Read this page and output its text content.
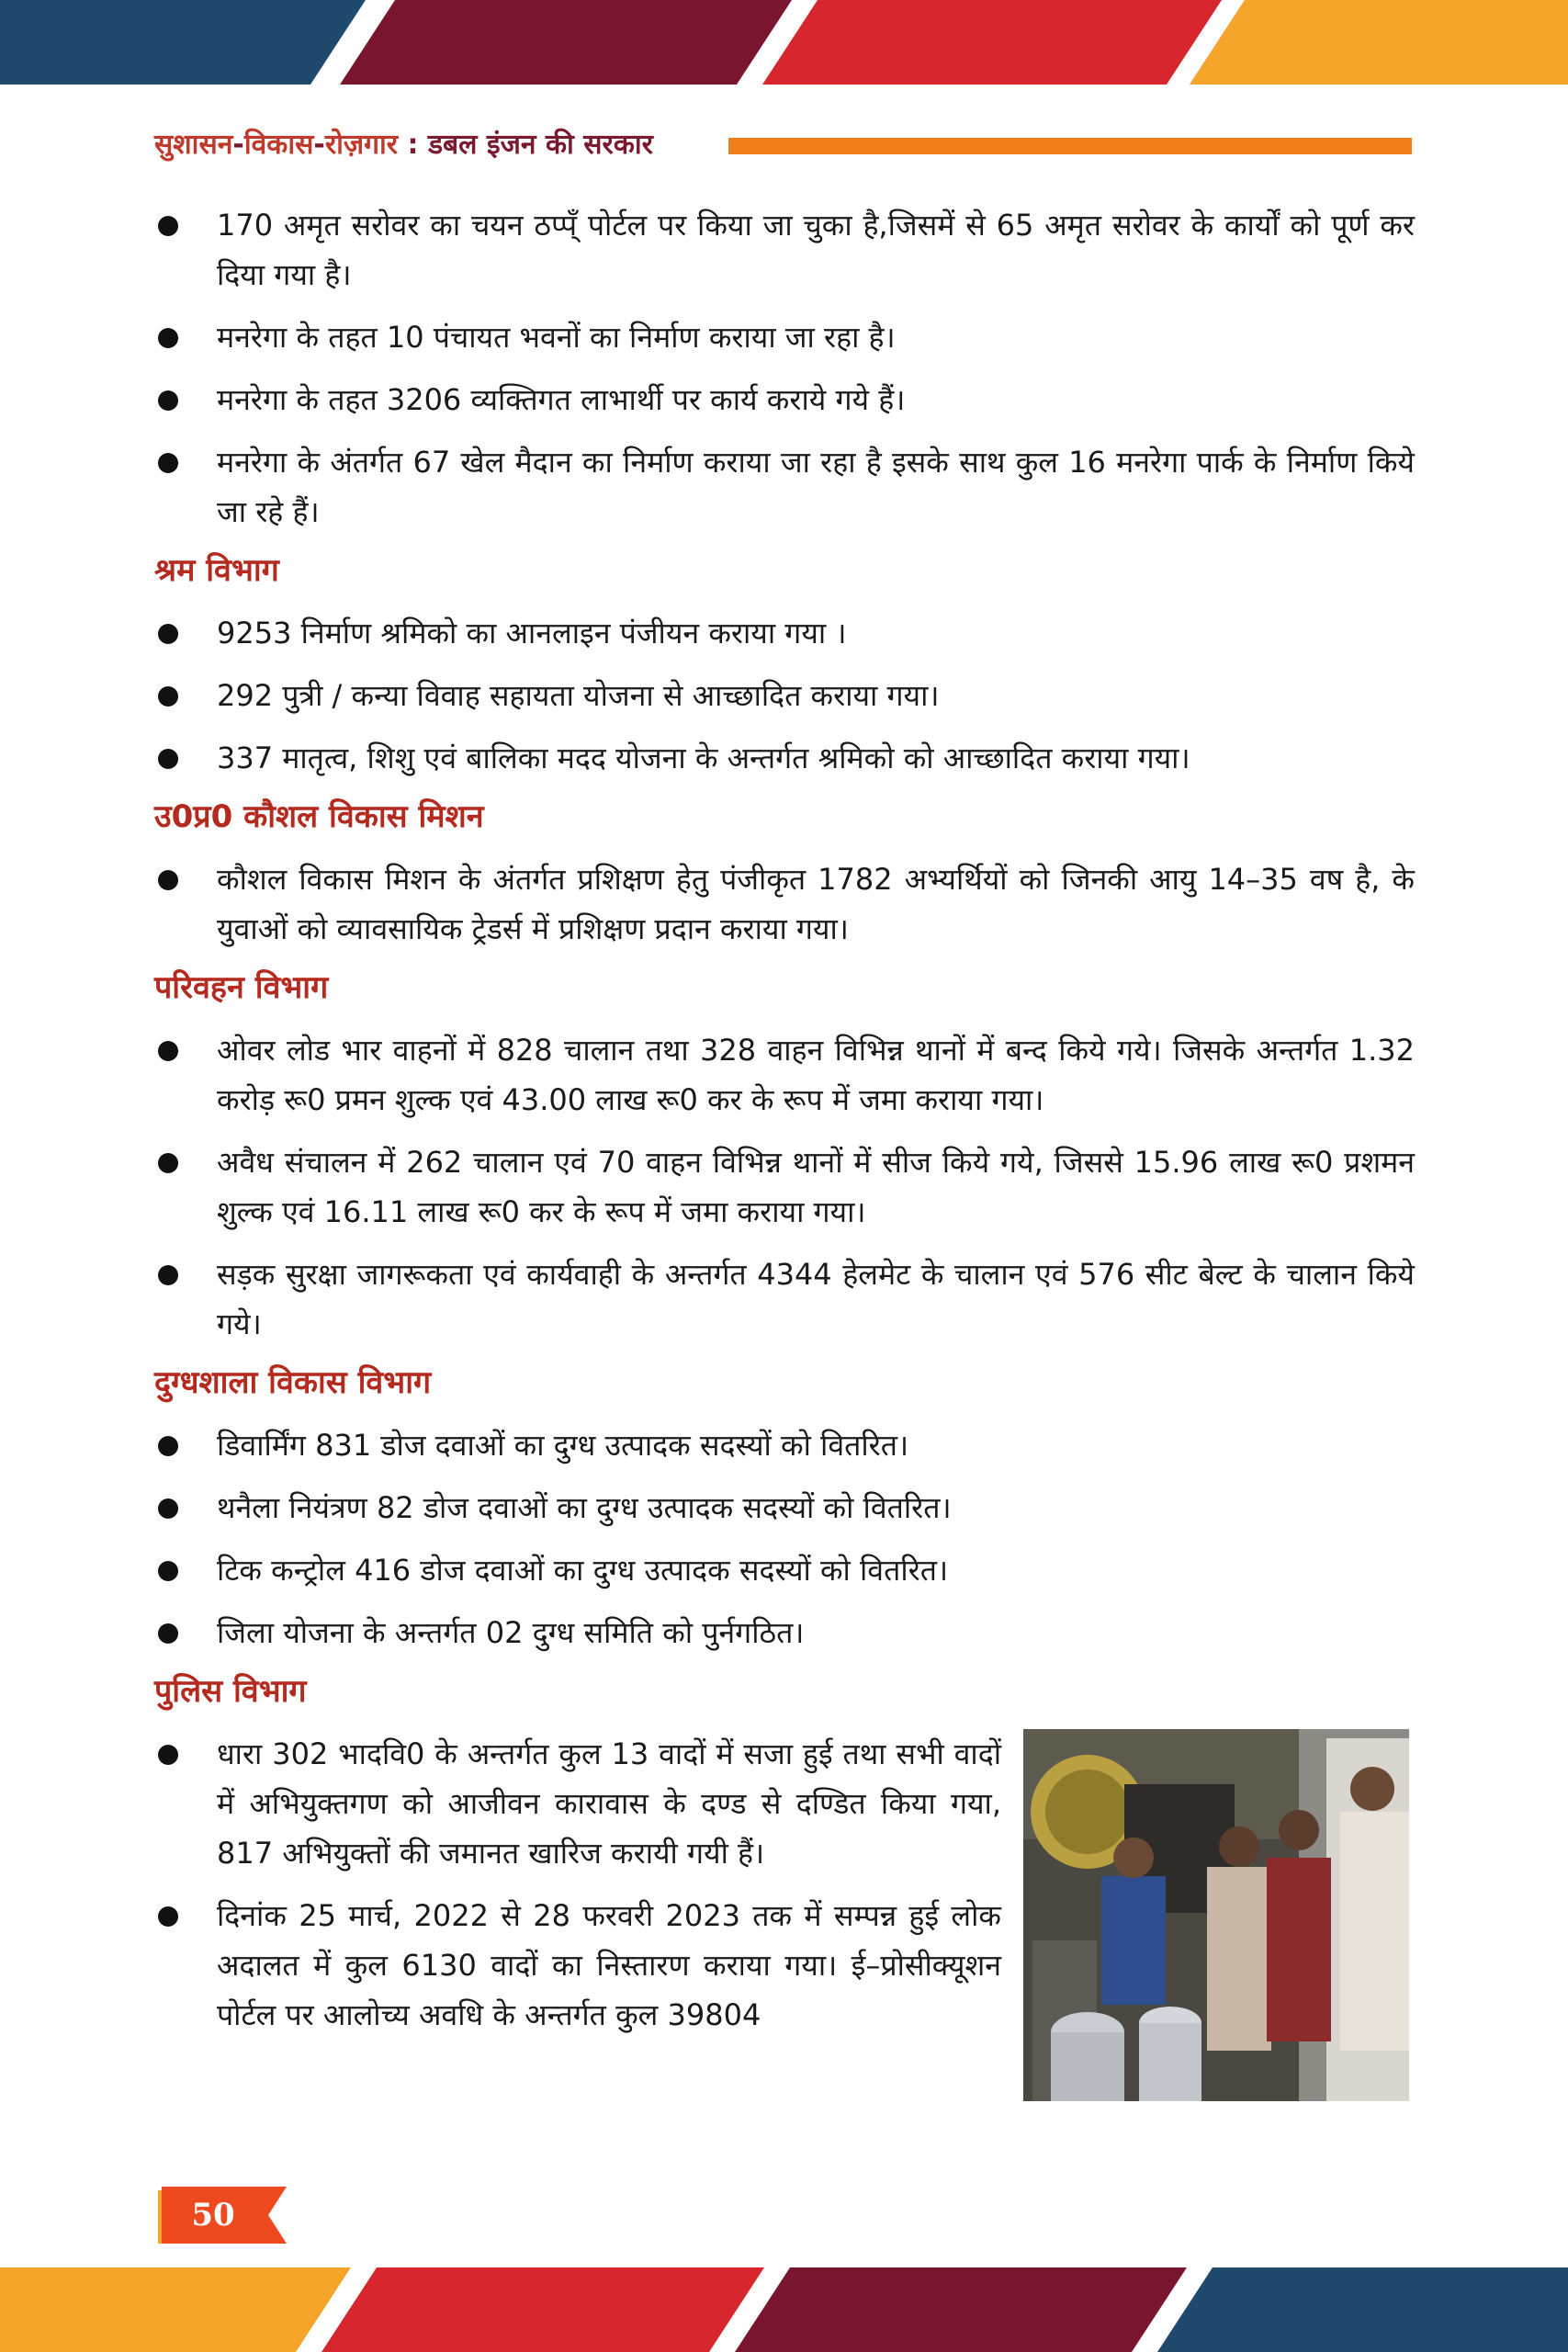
सुशासन-विकास-रोज़गार : डबल इंजन की सरकार
170 अमृत सरोवर का चयन ठप्प्ँ पोर्टल पर किया जा चुका है,जिसमें से 65 अमृत सरोवर के कार्यों को पूर्ण कर दिया गया है।
मनरेगा के तहत 10 पंचायत भवनों का निर्माण कराया जा रहा है।
मनरेगा के तहत 3206 व्यक्तिगत लाभार्थी पर कार्य कराये गये हैं।
मनरेगा के अंतर्गत 67 खेल मैदान का निर्माण कराया जा रहा है इसके साथ कुल 16 मनरेगा पार्क के निर्माण किये जा रहे हैं।
श्रम विभाग
9253 निर्माण श्रमिको का आनलाइन पंजीयन कराया गया ।
292 पुत्री / कन्या विवाह सहायता योजना से आच्छादित कराया गया।
337 मातृत्व, शिशु एवं बालिका मदद योजना के अन्तर्गत श्रमिको को आच्छादित कराया गया।
उ0प्र0 कौशल विकास मिशन
कौशल विकास मिशन के अंतर्गत प्रशिक्षण हेतु पंजीकृत 1782 अभ्यर्थियों को जिनकी आयु 14–35 वष है, के युवाओं को व्यावसायिक ट्रेडर्स में प्रशिक्षण प्रदान कराया गया।
परिवहन विभाग
ओवर लोड भार वाहनों में 828 चालान तथा 328 वाहन विभिन्न थानों में बन्द किये गये। जिसके अन्तर्गत 1.32 करोड़ रू0 प्रमन शुल्क एवं 43.00 लाख रू0 कर के रूप में जमा कराया गया।
अवैध संचालन में 262 चालान एवं 70 वाहन विभिन्न थानों में सीज किये गये, जिससे 15.96 लाख रू0 प्रशमन शुल्क एवं 16.11 लाख रू0 कर के रूप में जमा कराया गया।
सड़क सुरक्षा जागरूकता एवं कार्यवाही के अन्तर्गत 4344 हेलमेट के चालान एवं 576 सीट बेल्ट के चालान किये गये।
दुग्धशाला विकास विभाग
डिवार्मिंग 831 डोज दवाओं का दुग्ध उत्पादक सदस्यों को वितरित।
थनैला नियंत्रण 82 डोज दवाओं का दुग्ध उत्पादक सदस्यों को वितरित।
टिक कन्ट्रोल 416 डोज दवाओं का दुग्ध उत्पादक सदस्यों को वितरित।
जिला योजना के अन्तर्गत 02 दुग्ध समिति को पुर्नगठित।
पुलिस विभाग
धारा 302 भादवि0 के अन्तर्गत कुल 13 वादों में सजा हुई तथा सभी वादों में अभियुक्तगण को आजीवन कारावास के दण्ड से दण्डित किया गया, 817 अभियुक्तों की जमानत खारिज करायी गयी हैं।
दिनांक 25 मार्च, 2022 से 28 फरवरी 2023 तक में सम्पन्न हुई लोक अदालत में कुल 6130 वादों का निस्तारण कराया गया। ई–प्रोसीक्यूशन पोर्टल पर आलोच्य अवधि के अन्तर्गत कुल 39804
50
